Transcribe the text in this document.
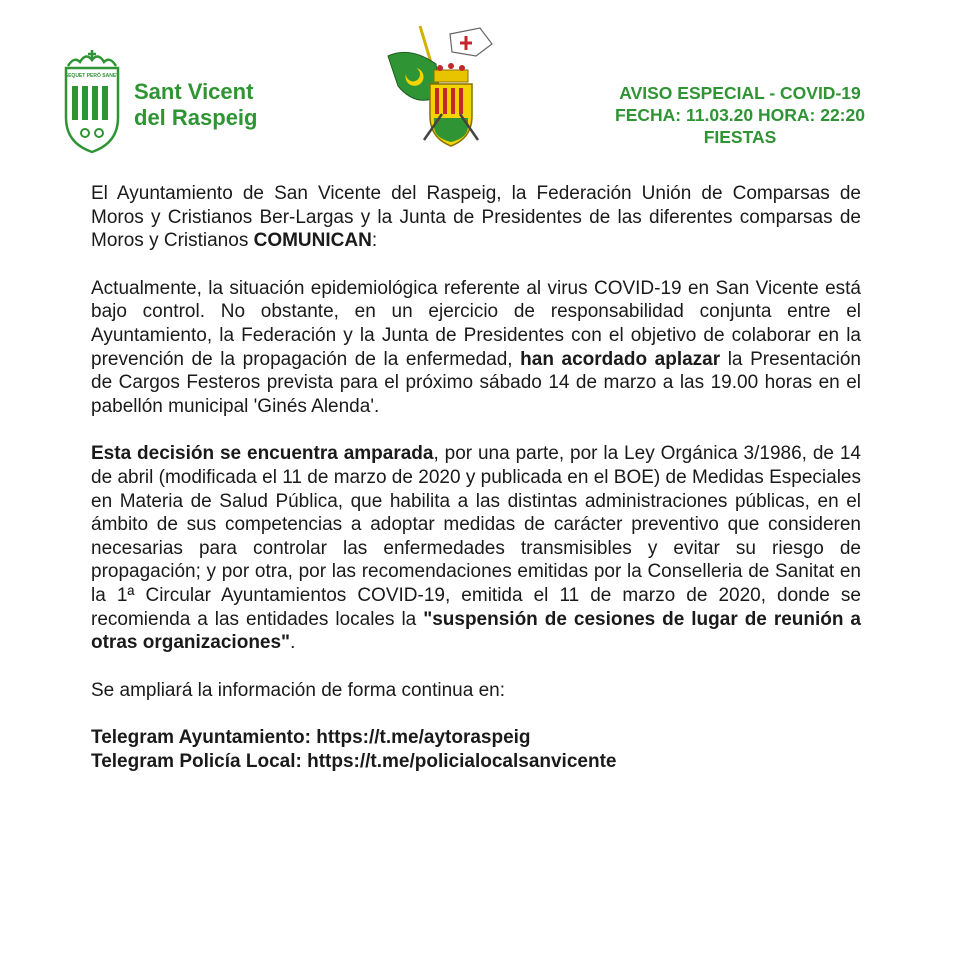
SEQUET PERÒ SANET
Sant Vicent
del Raspeig
AVISO ESPECIAL - COVID-19
FECHA: 11.03.20 HORA: 22:20
FIESTAS

El Ayuntamiento de San Vicente del Raspeig, la Federación Unión de Comparsas de Moros y Cristianos Ber-Largas y la Junta de Presidentes de las diferentes comparsas de Moros y Cristianos COMUNICAN:

Actualmente, la situación epidemiológica referente al virus COVID-19 en San Vicente está bajo control. No obstante, en un ejercicio de responsabilidad conjunta entre el Ayuntamiento, la Federación y la Junta de Presidentes con el objetivo de colaborar en la prevención de la propagación de la enfermedad, han acordado aplazar la Presentación de Cargos Festeros prevista para el próximo sábado 14 de marzo a las 19.00 horas en el pabellón municipal 'Ginés Alenda'.

Esta decisión se encuentra amparada, por una parte, por la Ley Orgánica 3/1986, de 14 de abril (modificada el 11 de marzo de 2020 y publicada en el BOE) de Medidas Especiales en Materia de Salud Pública, que habilita a las distintas administraciones públicas, en el ámbito de sus competencias a adoptar medidas de carácter preventivo que consideren necesarias para controlar las enfermedades transmisibles y evitar su riesgo de propagación; y por otra, por las recomendaciones emitidas por la Conselleria de Sanitat en la 1ª Circular Ayuntamientos COVID-19, emitida el 11 de marzo de 2020, donde se recomienda a las entidades locales la "suspensión de cesiones de lugar de reunión a otras organizaciones".

Se ampliará la información de forma continua en:

Telegram Ayuntamiento: https://t.me/aytoraspeig
Telegram Policía Local: https://t.me/policialocalsanvicente
